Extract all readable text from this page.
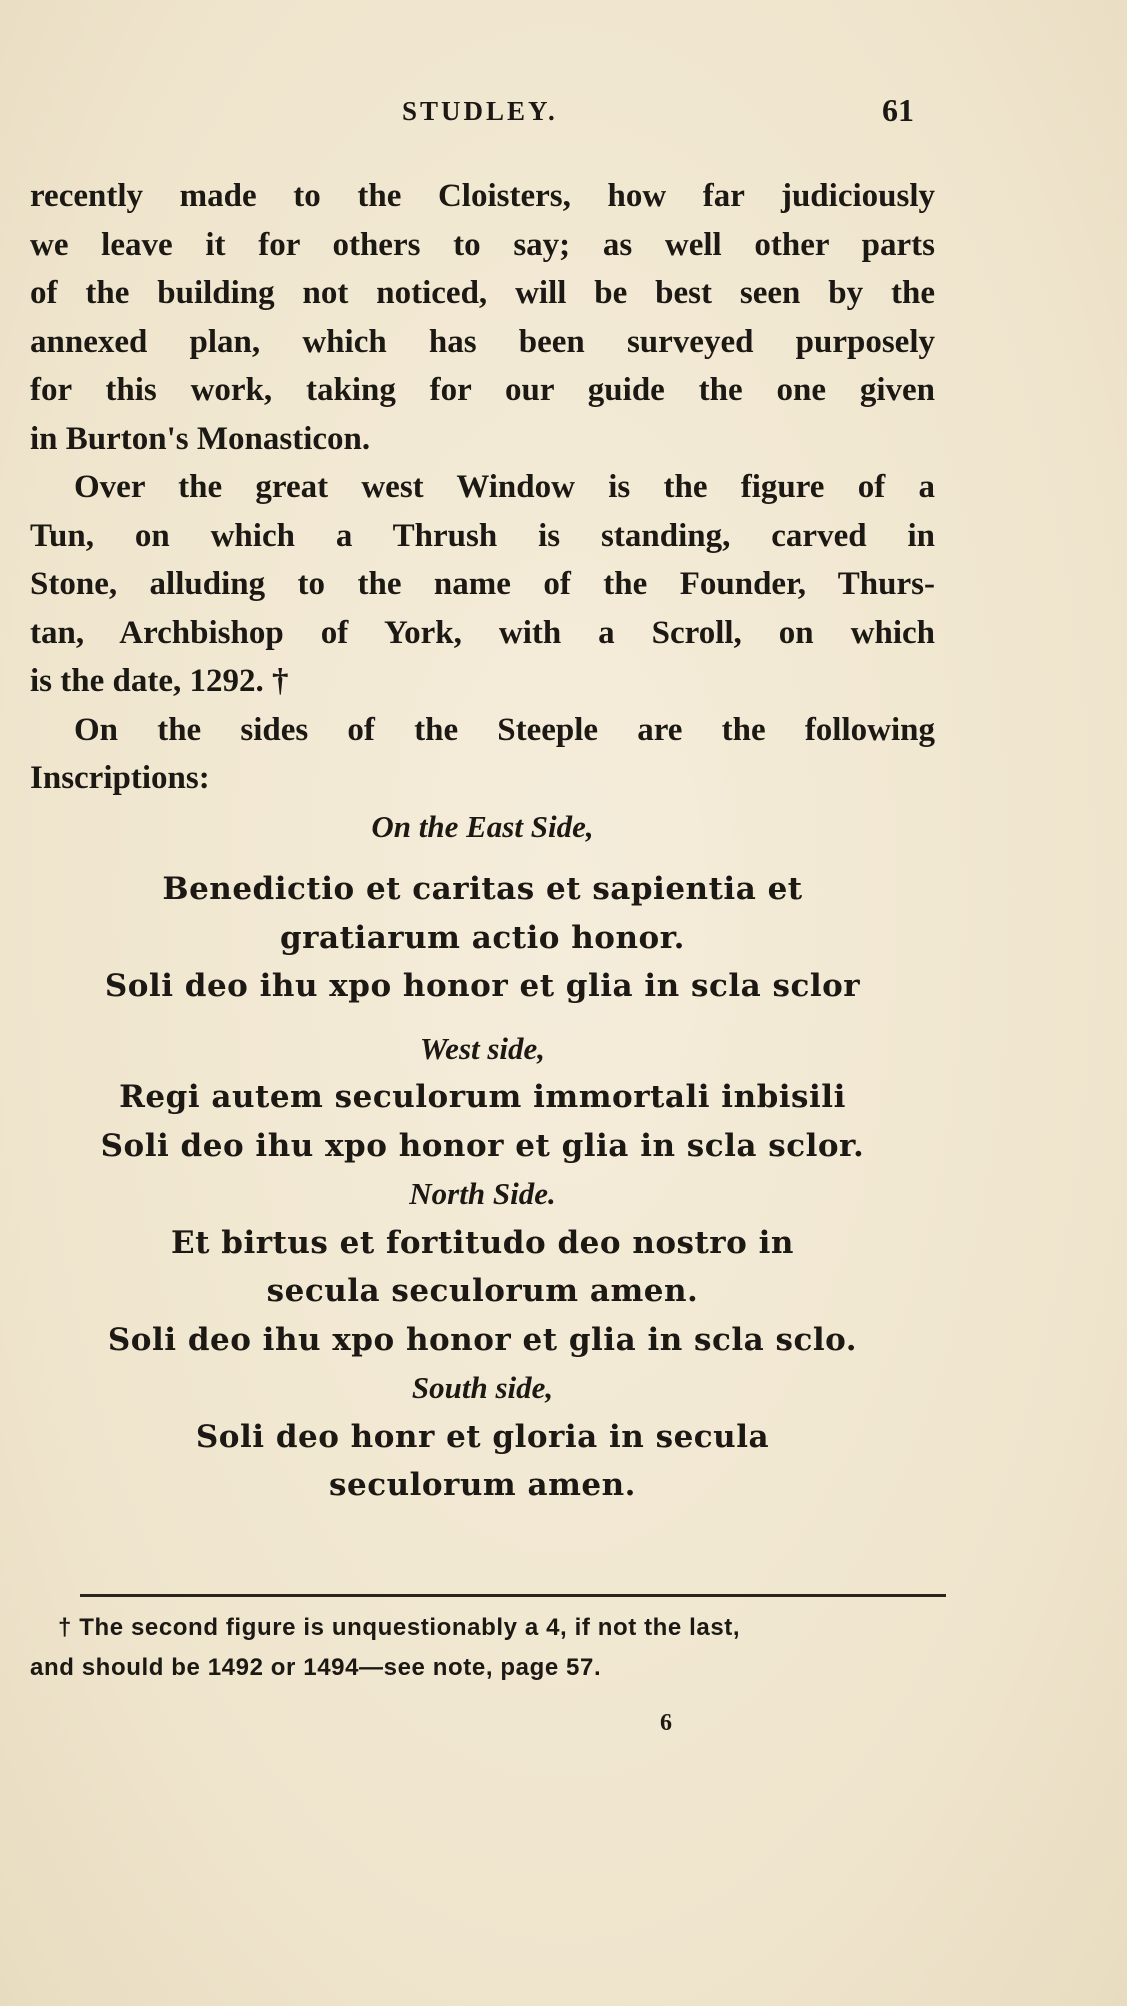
STUDLEY.	61
recently made to the Cloisters, how far judiciously
we leave it for others to say; as well other parts
of the building not noticed, will be best seen by the
annexed plan, which has been surveyed purposely
for this work, taking for our guide the one given
in Burton's Monasticon.
Over the great west Window is the figure of a
Tun, on which a Thrush is standing, carved in
Stone, alluding to the name of the Founder, Thurs-
tan, Archbishop of York, with a Scroll, on which
is the date, 1292. †
On the sides of the Steeple are the following
Inscriptions:
On the East Side,
Benedictio et caritas et sapientia et
gratiarum actio honor.
Soli deo ihu xpo honor et glia in scla sclor
West side,
Regi autem seculorum immortali inbisili
Soli deo ihu xpo honor et glia in scla sclor.
North Side.
Et birtus et fortitudo deo nostro in
secula seculorum amen.
Soli deo ihu xpo honor et glia in scla sclo.
South side,
Soli deo honr et gloria in secula
seculorum amen.
† The second figure is unquestionably a 4, if not the last,
and should be 1492 or 1494—see note, page 57.
6
